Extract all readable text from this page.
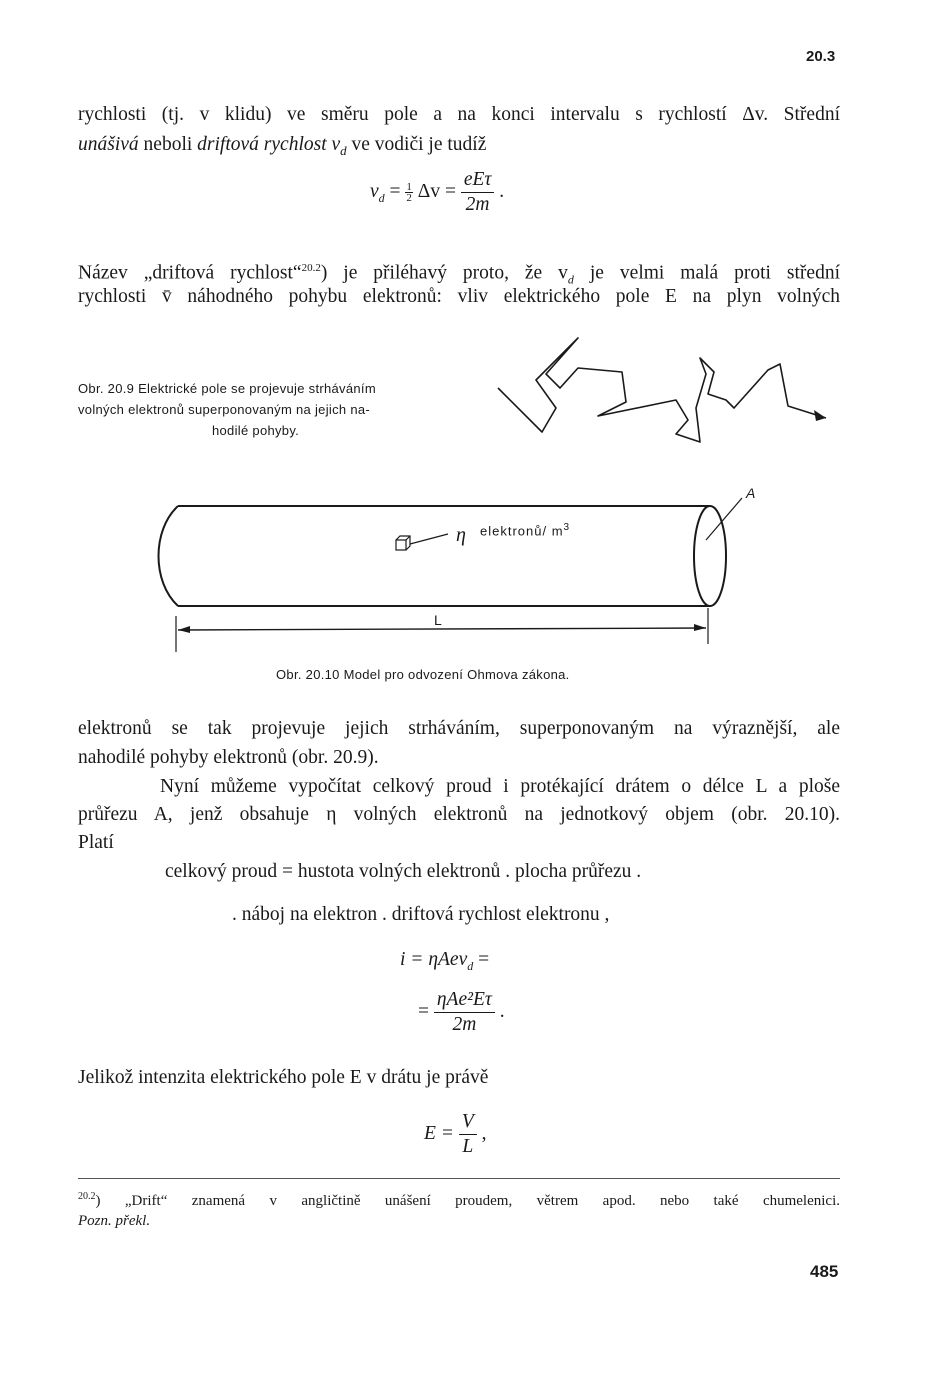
20.3
rychlosti (tj. v klidu) ve směru pole a na konci intervalu s rychlostí Δv. Střední
unášivá neboli driftová rychlost $v_d$ ve vodiči je tudíž
$v_d = \frac{1}{2}$ $\Delta v = \frac{\text{eEτ}}{2m}$ .
Název „driftová rychlost“$^{20.2}$) je přiléhavý proto, že $v_d$ je velmi malá proti střední
rychlosti v̄ náhodného pohybu elektronů: vliv elektrického pole E na plyn volných
Obr. 20.9 Elektrické pole se projevuje strháváním
volných elektronů superponovaným na jejich na-
hodilé pohyby.
A
L
η elektronů/ $m^3$
Obr. 20.10 Model pro odvození Ohmova zákona.
elektronů se tak projevuje jejich strháváním, superponovaným na výraznější, ale
nahodilé pohyby elektronů (obr. 20.9).
Nyní můžeme vypočítat celkový proud i protékající drátem o délce L a ploše
průřezu A, jenž obsahuje η volných elektronů na jednotkový objem (obr. 20.10).
Platí
celkový proud = hustota volných elektronů . plocha průřezu .
. náboj na elektron . driftová rychlost elektronu ,
i = ηAev$_d$ =
= $\frac{\text{ηAe²Eτ}}{2m}$ .
Jelikož intenzita elektrického pole E v drátu je právě
$E = \frac{V}{L}$ ,
$^{20.2}$) „Drift“ znamená v angličtině unášení proudem, větrem apod. nebo také chumelenici.
Pozn. překl.
485
